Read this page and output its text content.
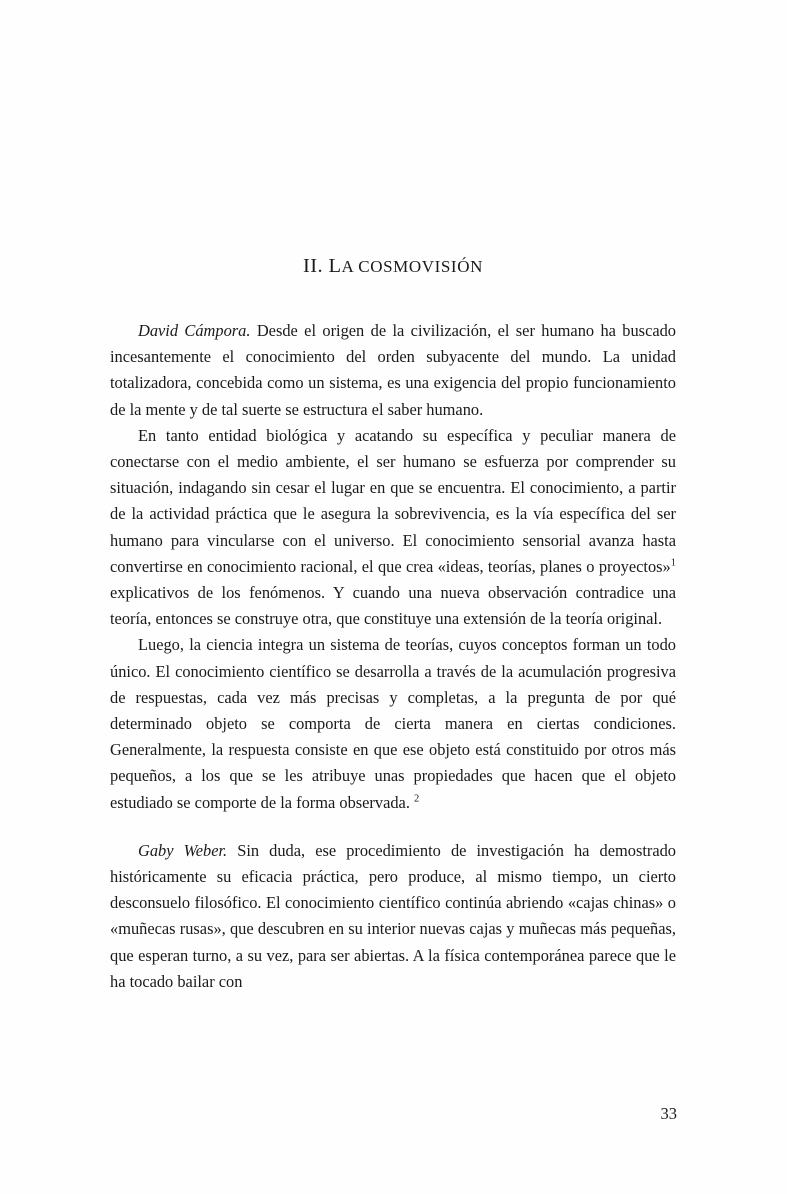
II. LA COSMOVISIÓN

David Cámpora. Desde el origen de la civilización, el ser humano ha buscado incesantemente el conocimiento del orden subyacente del mundo. La unidad totalizadora, concebida como un sistema, es una exigencia del propio funcionamiento de la mente y de tal suerte se estructura el saber humano.

En tanto entidad biológica y acatando su específica y peculiar manera de conectarse con el medio ambiente, el ser humano se esfuerza por comprender su situación, indagando sin cesar el lugar en que se encuentra. El conocimiento, a partir de la actividad práctica que le asegura la sobrevivencia, es la vía específica del ser humano para vincularse con el universo. El conocimiento sensorial avanza hasta convertirse en conocimiento racional, el que crea «ideas, teorías, planes o proyectos»$^1$ explicativos de los fenómenos. Y cuando una nueva observación contradice una teoría, entonces se construye otra, que constituye una extensión de la teoría original.

Luego, la ciencia integra un sistema de teorías, cuyos conceptos forman un todo único. El conocimiento científico se desarrolla a través de la acumulación progresiva de respuestas, cada vez más precisas y completas, a la pregunta de por qué determinado objeto se comporta de cierta manera en ciertas condiciones. Generalmente, la respuesta consiste en que ese objeto está constituido por otros más pequeños, a los que se les atribuye unas propiedades que hacen que el objeto estudiado se comporte de la forma observada. $^2$

Gaby Weber. Sin duda, ese procedimiento de investigación ha demostrado históricamente su eficacia práctica, pero produce, al mismo tiempo, un cierto desconsuelo filosófico. El conocimiento científico continúa abriendo «cajas chinas» o «muñecas rusas», que descubren en su interior nuevas cajas y muñecas más pequeñas, que esperan turno, a su vez, para ser abiertas. A la física contemporánea parece que le ha tocado bailar con

33
